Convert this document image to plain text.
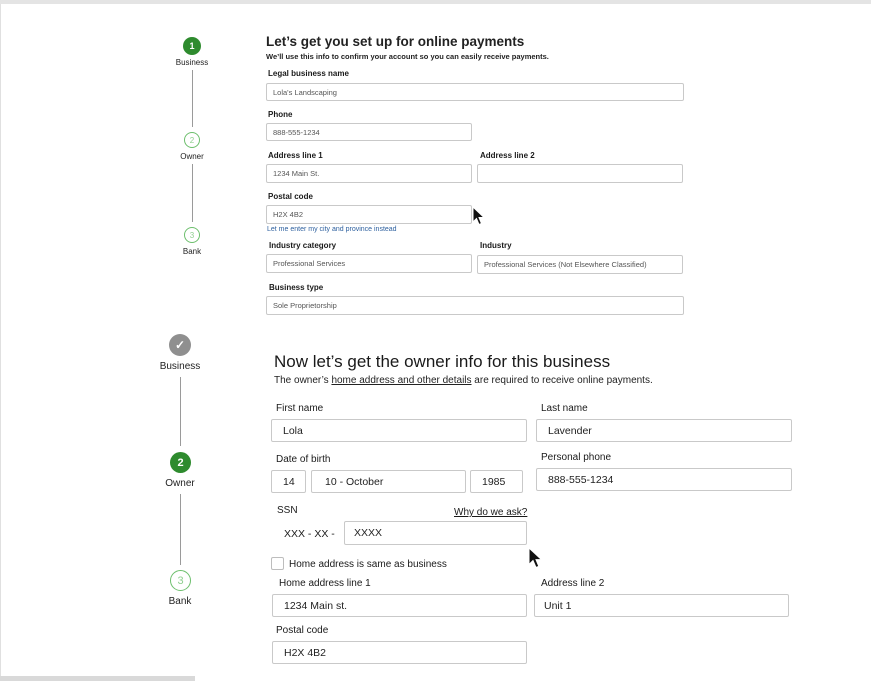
1
Business
2
Owner
3
Bank
Let’s get you set up for online payments
We’ll use this info to confirm your account so you can easily receive payments.
Legal business name
Lola's Landscaping
Phone
888-555-1234
Address line 1
1234 Main St.
Address line 2
Postal code
H2X 4B2
Let me enter my city and province instead
Industry category
Professional Services
Industry
Professional Services (Not Elsewhere Classified)
Business type
Sole Proprietorship
✓
Business
2
Owner
3
Bank
Now let’s get the owner info for this business
The owner’s home address and other details are required to receive online payments.
First name
Lola
Last name
Lavender
Date of birth
14	10 - October	1985
Personal phone
888-555-1234
SSN	Why do we ask?
XXX - XX -	XXXX
Home address is same as business
Home address line 1
1234 Main st.
Address line 2
Unit 1
Postal code
H2X 4B2
